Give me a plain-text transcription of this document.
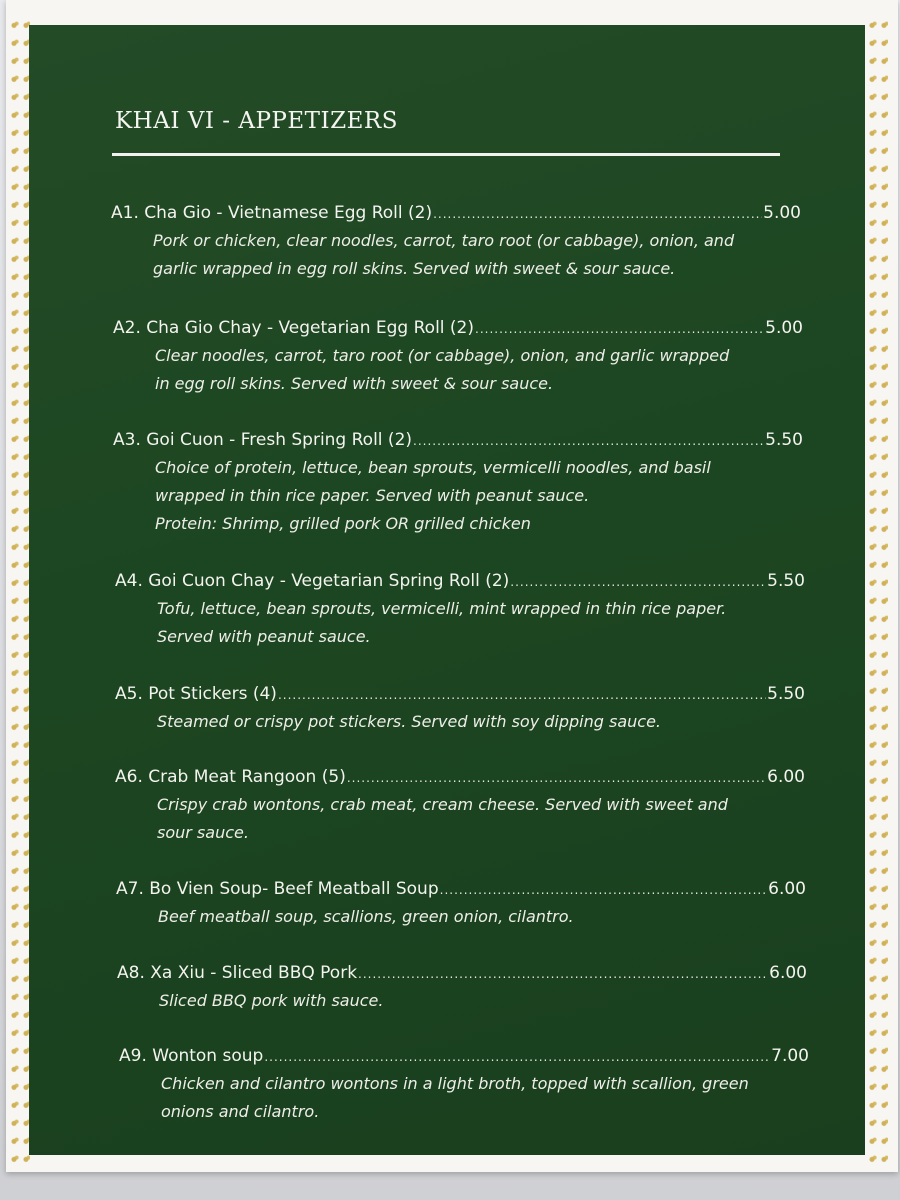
KHAI VI - APPETIZERS
A1. Cha Gio - Vietnamese Egg Roll (2) .....	5.00
Pork or chicken, clear noodles, carrot, taro root (or cabbage), onion, and
garlic wrapped in egg roll skins. Served with sweet & sour sauce.
A2. Cha Gio Chay - Vegetarian Egg Roll (2) .....	5.00
Clear noodles, carrot, taro root (or cabbage), onion, and garlic wrapped
in egg roll skins. Served with sweet & sour sauce.
A3. Goi Cuon - Fresh Spring Roll (2) .....	5.50
Choice of protein, lettuce, bean sprouts, vermicelli noodles, and basil
wrapped in thin rice paper. Served with peanut sauce.
Protein: Shrimp, grilled pork OR grilled chicken
A4. Goi Cuon Chay - Vegetarian Spring Roll (2) .....	5.50
Tofu, lettuce, bean sprouts, vermicelli, mint wrapped in thin rice paper.
Served with peanut sauce.
A5. Pot Stickers (4) .....	5.50
Steamed or crispy pot stickers. Served with soy dipping sauce.
A6. Crab Meat Rangoon (5) .....	6.00
Crispy crab wontons, crab meat, cream cheese. Served with sweet and
sour sauce.
A7. Bo Vien Soup- Beef Meatball Soup .....	6.00
Beef meatball soup, scallions, green onion, cilantro.
A8. Xa Xiu - Sliced BBQ Pork .....	6.00
Sliced BBQ pork with sauce.
A9. Wonton soup .....	7.00
Chicken and cilantro wontons in a light broth, topped with scallion, green
onions and cilantro.
